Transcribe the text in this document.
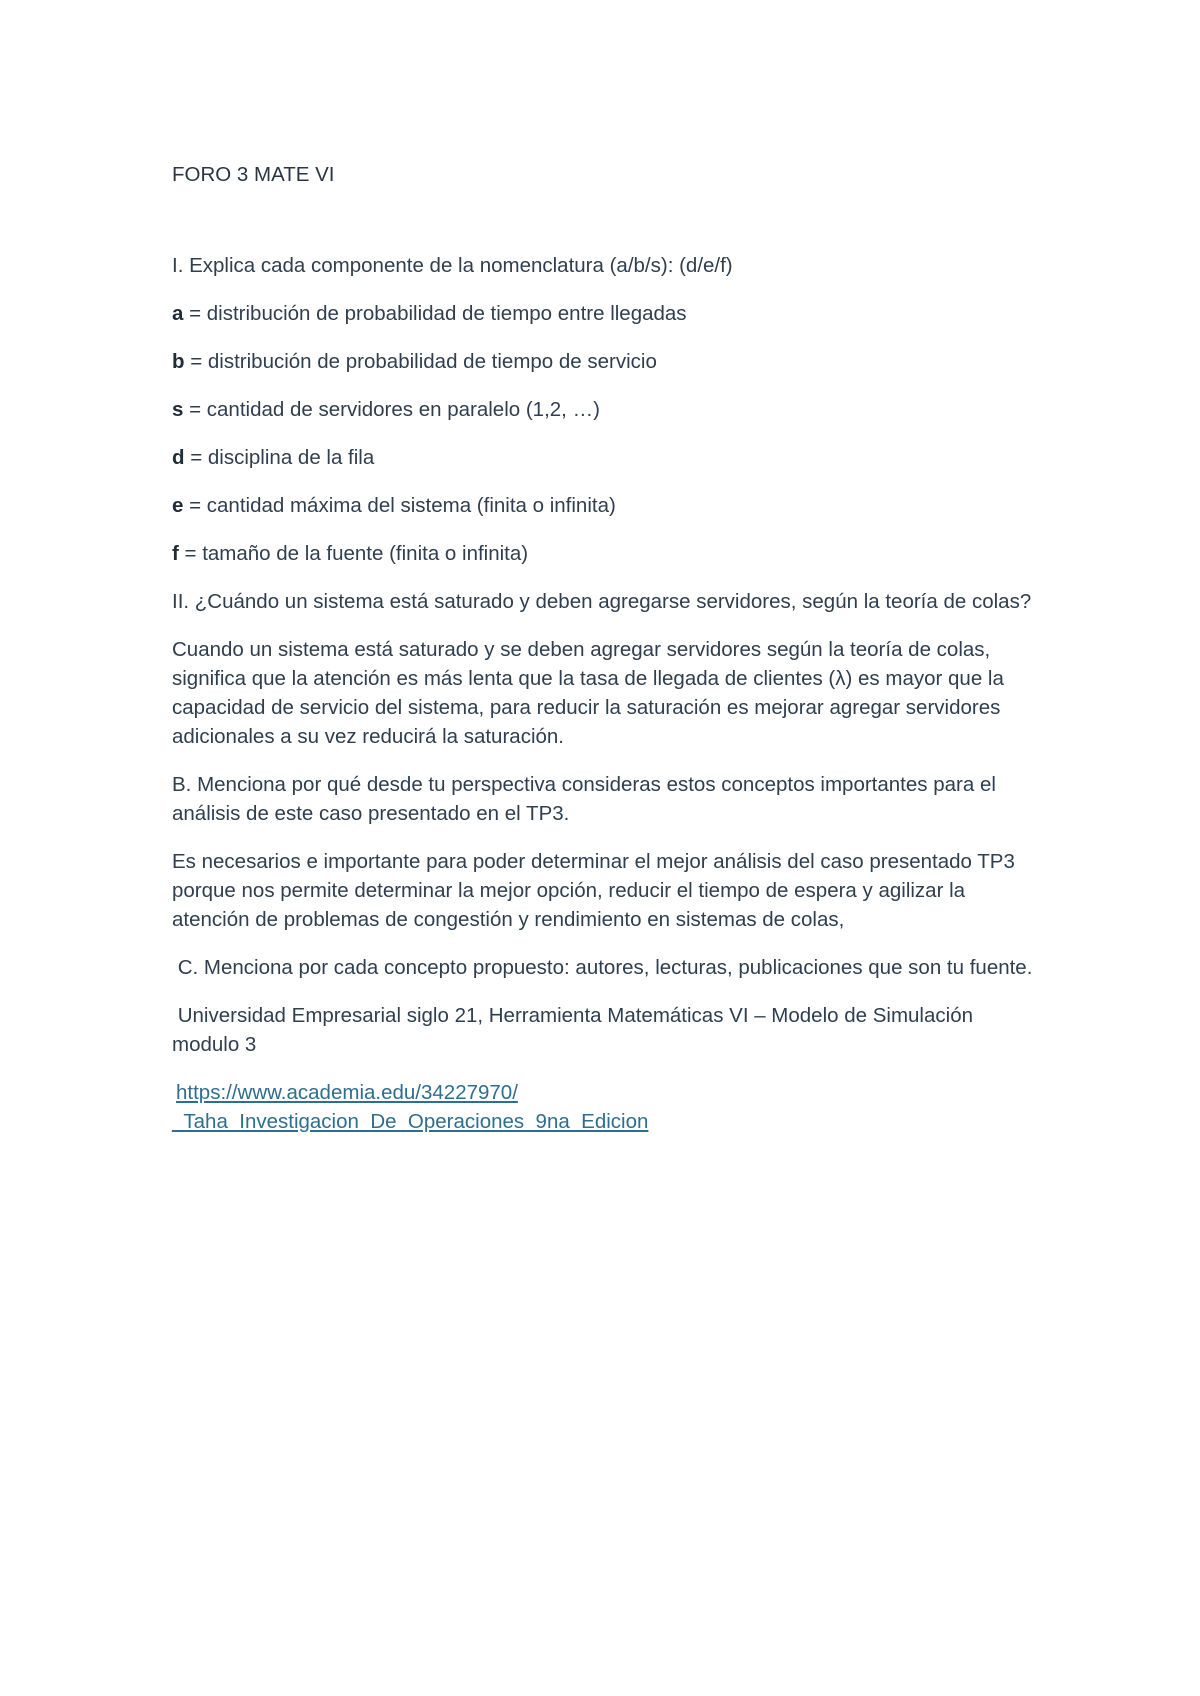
FORO 3 MATE VI

I. Explica cada componente de la nomenclatura (a/b/s): (d/e/f)

a = distribución de probabilidad de tiempo entre llegadas
b = distribución de probabilidad de tiempo de servicio
s = cantidad de servidores en paralelo (1,2, …)
d = disciplina de la fila
e = cantidad máxima del sistema (finita o infinita)
f = tamaño de la fuente (finita o infinita)

II. ¿Cuándo un sistema está saturado y deben agregarse servidores, según la teoría de colas?

Cuando un sistema está saturado y se deben agregar servidores según la teoría de colas, significa que la atención es más lenta que la tasa de llegada de clientes (λ) es mayor que la capacidad de servicio del sistema, para reducir la saturación es mejorar agregar servidores adicionales a su vez reducirá la saturación.

B. Menciona por qué desde tu perspectiva consideras estos conceptos importantes para el análisis de este caso presentado en el TP3.

Es necesarios e importante para poder determinar el mejor análisis del caso presentado TP3 porque nos permite determinar la mejor opción, reducir el tiempo de espera y agilizar la atención de problemas de congestión y rendimiento en sistemas de colas,

C. Menciona por cada concepto propuesto: autores, lecturas, publicaciones que son tu fuente.

Universidad Empresarial siglo 21, Herramienta Matemáticas VI – Modelo de Simulación modulo 3

https://www.academia.edu/34227970/
_Taha_Investigacion_De_Operaciones_9na_Edicion
